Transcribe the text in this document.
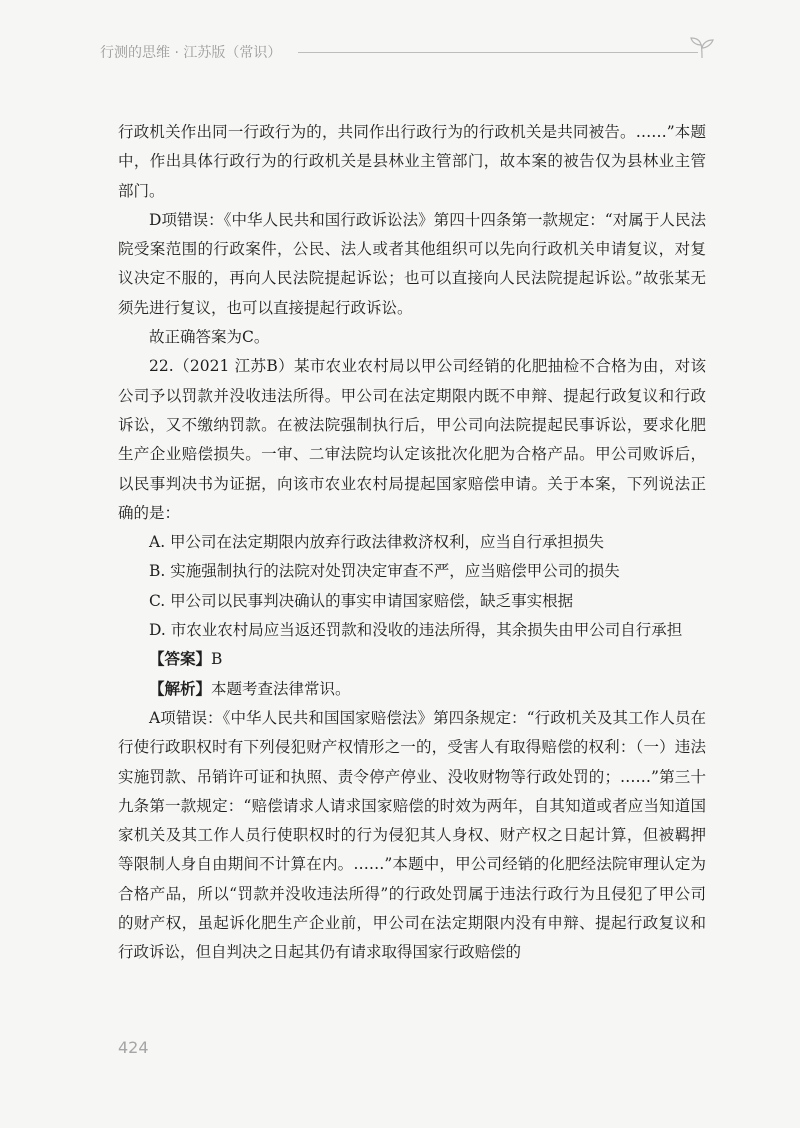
行测的思维 · 江苏版（常识）

行政机关作出同一行政行为的，共同作出行政行为的行政机关是共同被告。……”本题中，作出具体行政行为的行政机关是县林业主管部门，故本案的被告仅为县林业主管部门。

D项错误：《中华人民共和国行政诉讼法》第四十四条第一款规定：“对属于人民法院受案范围的行政案件，公民、法人或者其他组织可以先向行政机关申请复议，对复议决定不服的，再向人民法院提起诉讼；也可以直接向人民法院提起诉讼。”故张某无须先进行复议，也可以直接提起行政诉讼。

故正确答案为C。

22.（2021 江苏B）某市农业农村局以甲公司经销的化肥抽检不合格为由，对该公司予以罚款并没收违法所得。甲公司在法定期限内既不申辩、提起行政复议和行政诉讼，又不缴纳罚款。在被法院强制执行后，甲公司向法院提起民事诉讼，要求化肥生产企业赔偿损失。一审、二审法院均认定该批次化肥为合格产品。甲公司败诉后，以民事判决书为证据，向该市农业农村局提起国家赔偿申请。关于本案，下列说法正确的是：

A. 甲公司在法定期限内放弃行政法律救济权利，应当自行承担损失

B. 实施强制执行的法院对处罚决定审查不严，应当赔偿甲公司的损失

C. 甲公司以民事判决确认的事实申请国家赔偿，缺乏事实根据

D. 市农业农村局应当返还罚款和没收的违法所得，其余损失由甲公司自行承担

【答案】B

【解析】本题考查法律常识。

A项错误：《中华人民共和国国家赔偿法》第四条规定：“行政机关及其工作人员在行使行政职权时有下列侵犯财产权情形之一的，受害人有取得赔偿的权利：（一）违法实施罚款、吊销许可证和执照、责令停产停业、没收财物等行政处罚的；……”第三十九条第一款规定：“赔偿请求人请求国家赔偿的时效为两年，自其知道或者应当知道国家机关及其工作人员行使职权时的行为侵犯其人身权、财产权之日起计算，但被羁押等限制人身自由期间不计算在内。……”本题中，甲公司经销的化肥经法院审理认定为合格产品，所以“罚款并没收违法所得”的行政处罚属于违法行政行为且侵犯了甲公司的财产权，虽起诉化肥生产企业前，甲公司在法定期限内没有申辩、提起行政复议和行政诉讼，但自判决之日起其仍有请求取得国家行政赔偿的

424
